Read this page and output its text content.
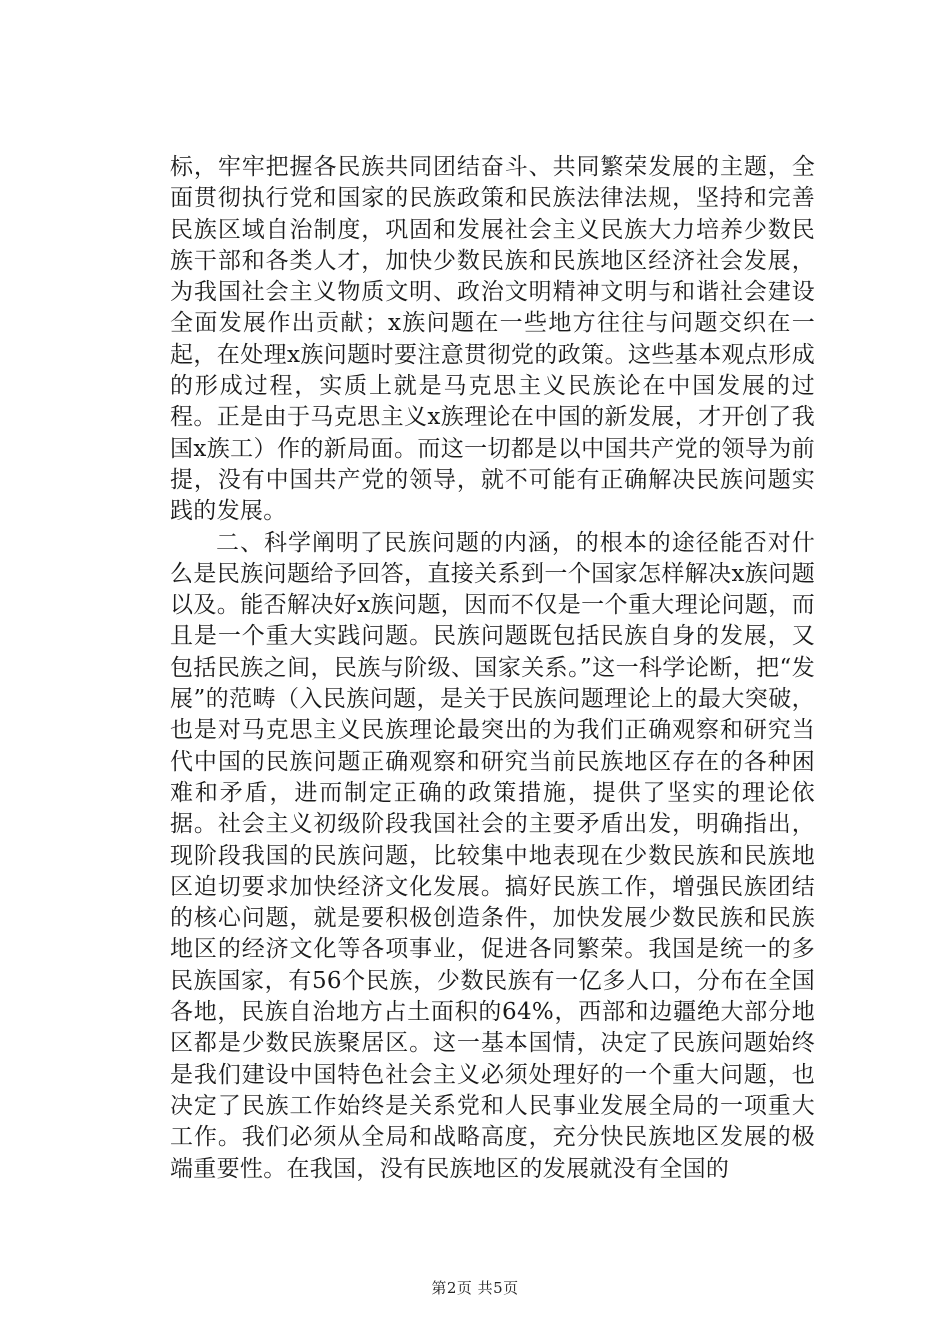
标，牢牢把握各民族共同团结奋斗、共同繁荣发展的主题，全面贯彻执行党和国家的民族政策和民族法律法规，坚持和完善民族区域自治制度，巩固和发展社会主义民族大力培养少数民族干部和各类人才，加快少数民族和民族地区经济社会发展，为我国社会主义物质文明、政治文明精神文明与和谐社会建设全面发展作出贡献；x族问题在一些地方往往与问题交织在一起，在处理x族问题时要注意贯彻党的政策。这些基本观点形成的形成过程，实质上就是马克思主义民族论在中国发展的过程。正是由于马克思主义x族理论在中国的新发展，才开创了我国x族工）作的新局面。而这一切都是以中国共产党的领导为前提，没有中国共产党的领导，就不可能有正确解决民族问题实践的发展。

二、科学阐明了民族问题的内涵，的根本的途径能否对什么是民族问题给予回答，直接关系到一个国家怎样解决x族问题以及。能否解决好x族问题，因而不仅是一个重大理论问题，而且是一个重大实践问题。民族问题既包括民族自身的发展，又包括民族之间，民族与阶级、国家关系。”这一科学论断，把“发展”的范畴（入民族问题，是关于民族问题理论上的最大突破，也是对马克思主义民族理论最突出的为我们正确观察和研究当代中国的民族问题正确观察和研究当前民族地区存在的各种困难和矛盾，进而制定正确的政策措施，提供了坚实的理论依据。社会主义初级阶段我国社会的主要矛盾出发，明确指出，现阶段我国的民族问题，比较集中地表现在少数民族和民族地区迫切要求加快经济文化发展。搞好民族工作，增强民族团结的核心问题，就是要积极创造条件，加快发展少数民族和民族地区的经济文化等各项事业，促进各同繁荣。我国是统一的多民族国家，有56个民族，少数民族有一亿多人口，分布在全国各地，民族自治地方占土面积的64%，西部和边疆绝大部分地区都是少数民族聚居区。这一基本国情，决定了民族问题始终是我们建设中国特色社会主义必须处理好的一个重大问题，也决定了民族工作始终是关系党和人民事业发展全局的一项重大工作。我们必须从全局和战略高度，充分快民族地区发展的极端重要性。在我国，没有民族地区的发展就没有全国的

第2页 共5页
